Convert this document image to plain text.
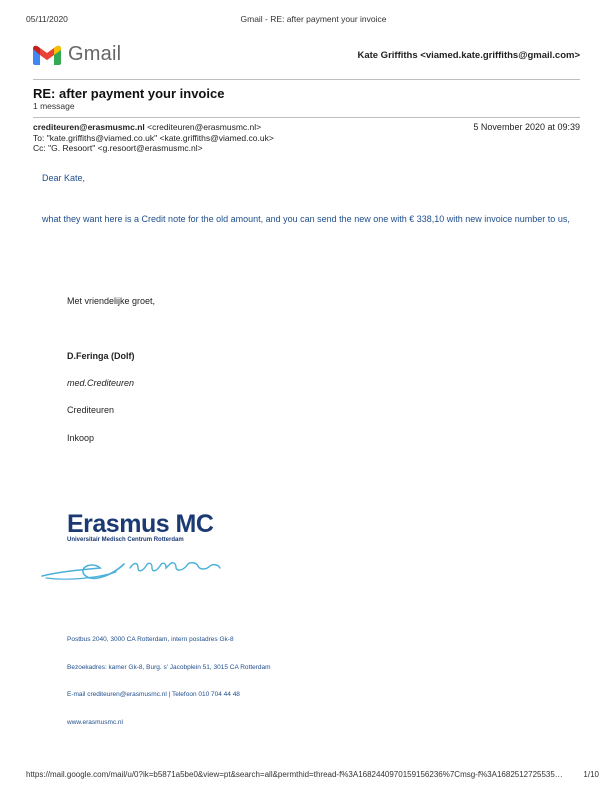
05/11/2020	Gmail - RE: after payment your invoice
Gmail	Kate Griffiths <viamed.kate.griffiths@gmail.com>
RE: after payment your invoice
1 message
crediteuren@erasmusmc.nl <crediteuren@erasmusmc.nl>	5 November 2020 at 09:39
To: "kate.griffiths@viamed.co.uk" <kate.griffiths@viamed.co.uk>
Cc: "G. Resoort" <g.resoort@erasmusmc.nl>
Dear Kate,
what they want here is a Credit note for the old amount, and you can send the new one with € 338,10 with new invoice number to us,
Met vriendelijke groet,
D.Feringa (Dolf)
med.Crediteuren
Crediteuren
Inkoop
Erasmus MC
Universitair Medisch Centrum Rotterdam
Postbus 2040, 3000 CA Rotterdam, intern postadres Gk-8
Bezoekadres: kamer Gk-8, Burg. s' Jacobplein 51, 3015 CA Rotterdam
E-mail crediteuren@erasmusmc.nl | Telefoon 010 704 44 48
www.erasmusmc.nl
https://mail.google.com/mail/u/0?ik=b5871a5be0&view=pt&search=all&permthid=thread-f%3A1682440970159156236%7Cmsg-f%3A1682512725535…	1/10
